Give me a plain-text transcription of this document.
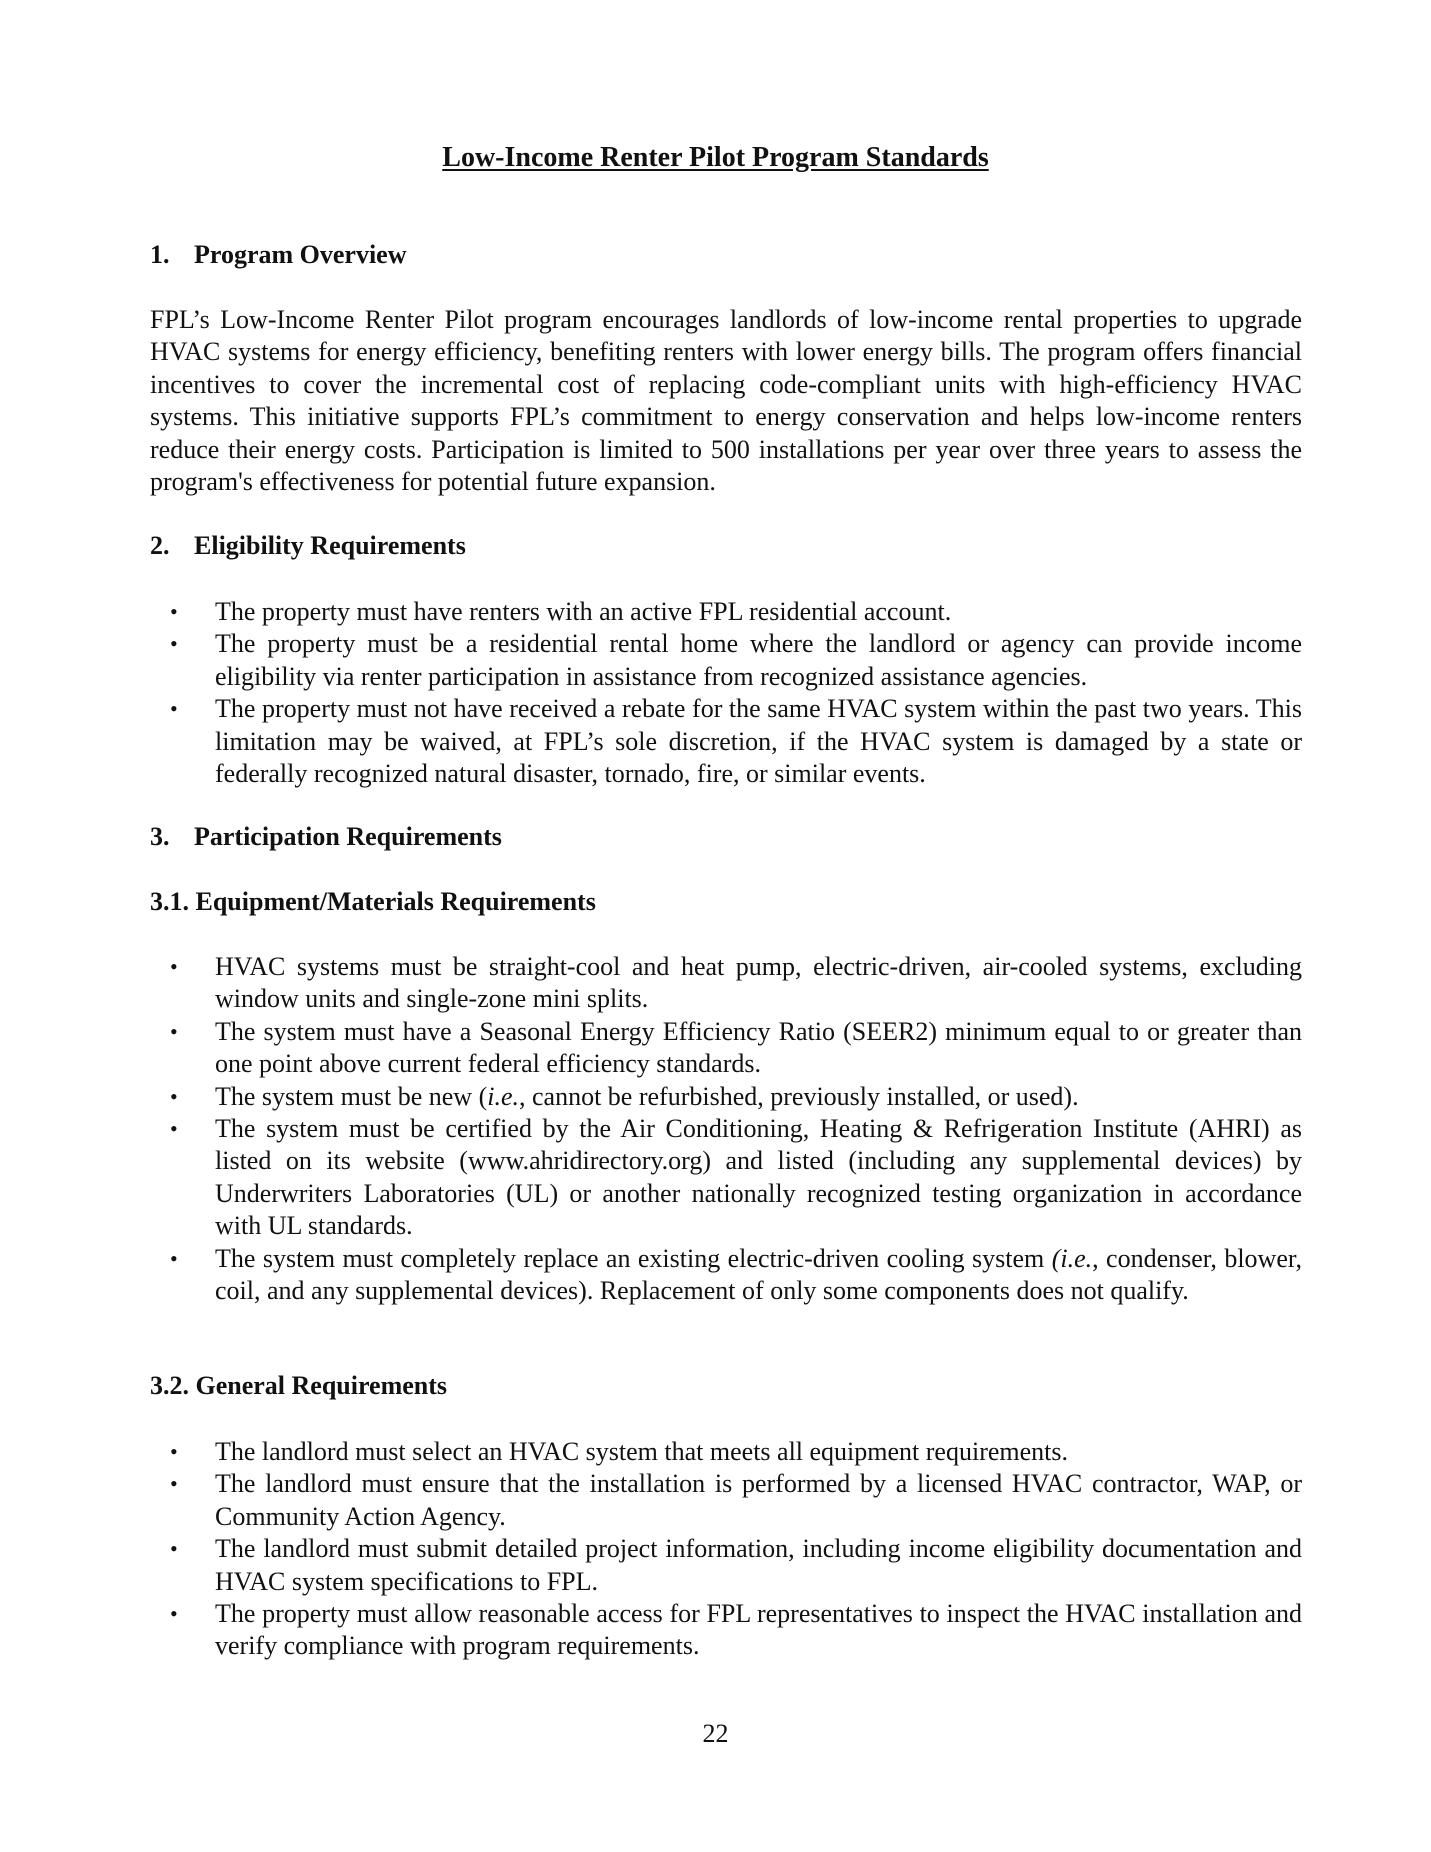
Low-Income Renter Pilot Program Standards

1. Program Overview

FPL’s Low-Income Renter Pilot program encourages landlords of low-income rental properties to upgrade HVAC systems for energy efficiency, benefiting renters with lower energy bills. The program offers financial incentives to cover the incremental cost of replacing code-compliant units with high-efficiency HVAC systems. This initiative supports FPL’s commitment to energy conservation and helps low-income renters reduce their energy costs. Participation is limited to 500 installations per year over three years to assess the program's effectiveness for potential future expansion.

2. Eligibility Requirements

• The property must have renters with an active FPL residential account.
• The property must be a residential rental home where the landlord or agency can provide income eligibility via renter participation in assistance from recognized assistance agencies.
• The property must not have received a rebate for the same HVAC system within the past two years. This limitation may be waived, at FPL’s sole discretion, if the HVAC system is damaged by a state or federally recognized natural disaster, tornado, fire, or similar events.

3. Participation Requirements

3.1. Equipment/Materials Requirements

• HVAC systems must be straight-cool and heat pump, electric-driven, air-cooled systems, excluding window units and single-zone mini splits.
• The system must have a Seasonal Energy Efficiency Ratio (SEER2) minimum equal to or greater than one point above current federal efficiency standards.
• The system must be new (i.e., cannot be refurbished, previously installed, or used).
• The system must be certified by the Air Conditioning, Heating & Refrigeration Institute (AHRI) as listed on its website (www.ahridirectory.org) and listed (including any supplemental devices) by Underwriters Laboratories (UL) or another nationally recognized testing organization in accordance with UL standards.
• The system must completely replace an existing electric-driven cooling system (i.e., condenser, blower, coil, and any supplemental devices). Replacement of only some components does not qualify.

3.2. General Requirements

• The landlord must select an HVAC system that meets all equipment requirements.
• The landlord must ensure that the installation is performed by a licensed HVAC contractor, WAP, or Community Action Agency.
• The landlord must submit detailed project information, including income eligibility documentation and HVAC system specifications to FPL.
• The property must allow reasonable access for FPL representatives to inspect the HVAC installation and verify compliance with program requirements.
22
